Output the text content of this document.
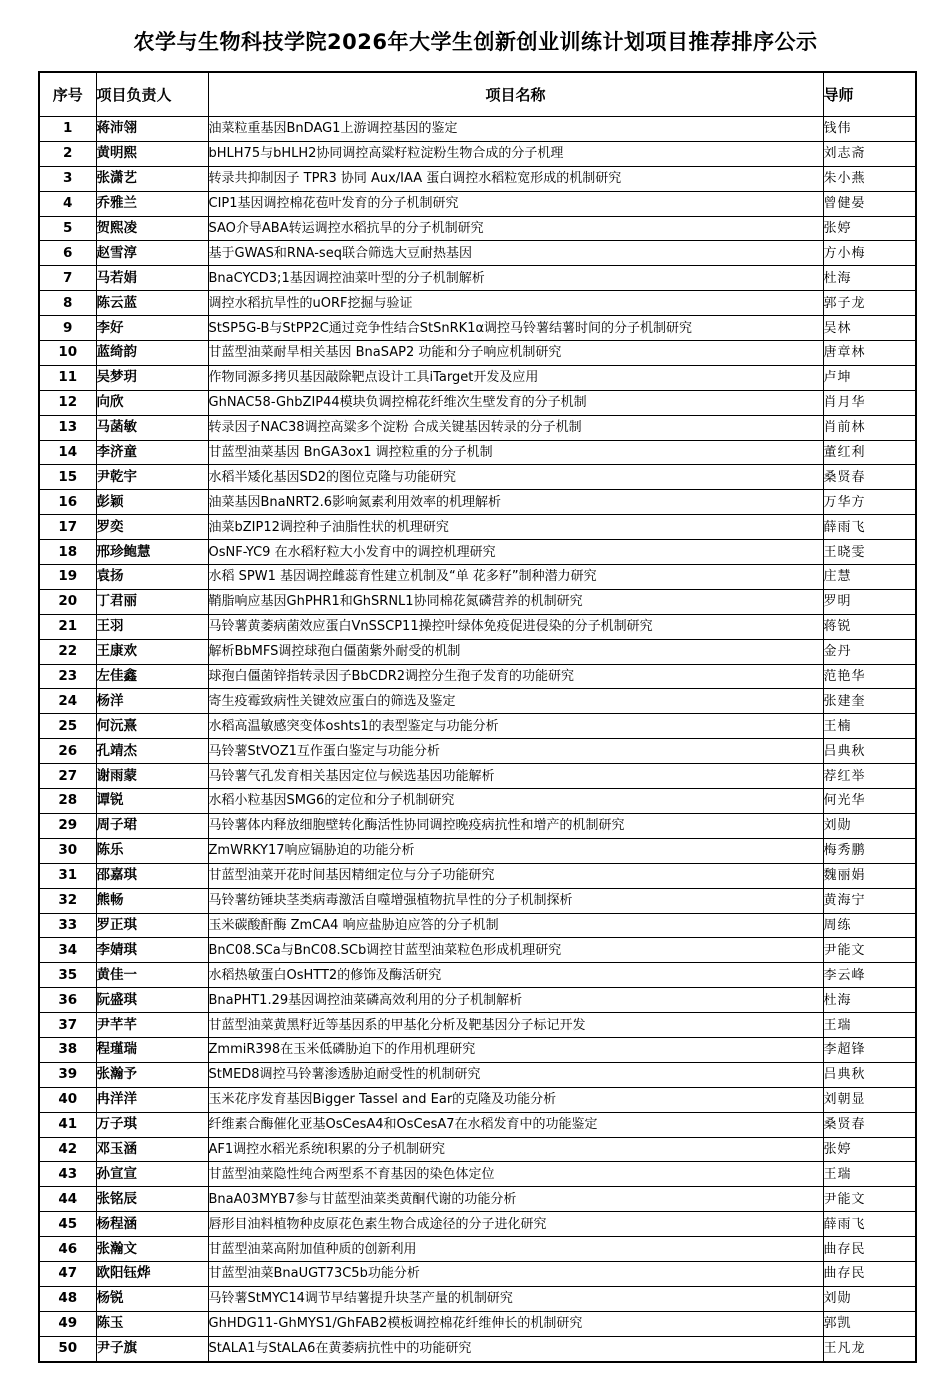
农学与生物科技学院2026年大学生创新创业训练计划项目推荐排序公示
序号	项目负责人	项目名称	导师
1	蒋沛翎	油菜粒重基因BnDAG1上游调控基因的鉴定	钱伟
2	黄明熙	bHLH75与bHLH2协同调控高粱籽粒淀粉生物合成的分子机理	刘志斋
3	张潇艺	转录共抑制因子 TPR3 协同 Aux/IAA 蛋白调控水稻粒宽形成的机制研究	朱小燕
4	乔雅兰	CIP1基因调控棉花苞叶发育的分子机制研究	曾健晏
5	贺熙凌	SAO介导ABA转运调控水稻抗旱的分子机制研究	张婷
6	赵雪淳	基于GWAS和RNA-seq联合筛选大豆耐热基因	方小梅
7	马若娟	BnaCYCD3;1基因调控油菜叶型的分子机制解析	杜海
8	陈云蓝	调控水稻抗旱性的uORF挖掘与验证	郭子龙
9	李好	StSP5G-B与StPP2C通过竞争性结合StSnRK1α调控马铃薯结薯时间的分子机制研究	吴林
10	蓝绮韵	甘蓝型油菜耐旱相关基因 BnaSAP2 功能和分子响应机制研究	唐章林
11	吴梦玥	作物同源多拷贝基因敲除靶点设计工具iTarget开发及应用	卢坤
12	向欣	GhNAC58-GhbZIP44模块负调控棉花纤维次生壁发育的分子机制	肖月华
13	马菡敏	转录因子NAC38调控高粱多个淀粉 合成关键基因转录的分子机制	肖前林
14	李济童	甘蓝型油菜基因 BnGA3ox1 调控粒重的分子机制	董红利
15	尹乾宇	水稻半矮化基因SD2的图位克隆与功能研究	桑贤春
16	彭颖	油菜基因BnaNRT2.6影响氮素利用效率的机理解析	万华方
17	罗奕	油菜bZIP12调控种子油脂性状的机理研究	薛雨飞
18	邢珍鲍慧	OsNF-YC9 在水稻籽粒大小发育中的调控机理研究	王晓雯
19	袁扬	水稻 SPW1 基因调控雌蕊育性建立机制及“单 花多籽”制种潜力研究	庄慧
20	丁君丽	鞘脂响应基因GhPHR1和GhSRNL1协同棉花氮磷营养的机制研究	罗明
21	王羽	马铃薯黄萎病菌效应蛋白VnSSCP11操控叶绿体免疫促进侵染的分子机制研究	蒋锐
22	王康欢	解析BbMFS调控球孢白僵菌紫外耐受的机制	金丹
23	左佳鑫	球孢白僵菌锌指转录因子BbCDR2调控分生孢子发育的功能研究	范艳华
24	杨洋	寄生疫霉致病性关键效应蛋白的筛选及鉴定	张建奎
25	何沅熹	水稻高温敏感突变体oshts1的表型鉴定与功能分析	王楠
26	孔靖杰	马铃薯StVOZ1互作蛋白鉴定与功能分析	吕典秋
27	谢雨蒙	马铃薯气孔发育相关基因定位与候选基因功能解析	荐红举
28	谭锐	水稻小粒基因SMG6的定位和分子机制研究	何光华
29	周子珺	马铃薯体内释放细胞壁转化酶活性协同调控晚疫病抗性和增产的机制研究	刘勋
30	陈乐	ZmWRKY17响应镉胁迫的功能分析	梅秀鹏
31	邵嘉琪	甘蓝型油菜开花时间基因精细定位与分子功能研究	魏丽娟
32	熊畅	马铃薯纺锤块茎类病毒激活自噬增强植物抗旱性的分子机制探析	黄海宁
33	罗正琪	玉米碳酸酐酶 ZmCA4 响应盐胁迫应答的分子机制	周练
34	李婧琪	BnC08.SCa与BnC08.SCb调控甘蓝型油菜粒色形成机理研究	尹能文
35	黄佳一	水稻热敏蛋白OsHTT2的修饰及酶活研究	李云峰
36	阮盛琪	BnaPHT1.29基因调控油菜磷高效利用的分子机制解析	杜海
37	尹芊芊	甘蓝型油菜黄黑籽近等基因系的甲基化分析及靶基因分子标记开发	王瑞
38	程瑾瑞	ZmmiR398在玉米低磷胁迫下的作用机理研究	李超锋
39	张瀚予	StMED8调控马铃薯渗透胁迫耐受性的机制研究	吕典秋
40	冉洋洋	玉米花序发育基因Bigger Tassel and Ear的克隆及功能分析	刘朝显
41	万子琪	纤维素合酶催化亚基OsCesA4和OsCesA7在水稻发育中的功能鉴定	桑贤春
42	邓玉涵	AF1调控水稻光系统I积累的分子机制研究	张婷
43	孙宣宣	甘蓝型油菜隐性纯合两型系不育基因的染色体定位	王瑞
44	张铭辰	BnaA03MYB7参与甘蓝型油菜类黄酮代谢的功能分析	尹能文
45	杨程涵	唇形目油料植物种皮原花色素生物合成途径的分子进化研究	薛雨飞
46	张瀚文	甘蓝型油菜高附加值种质的创新利用	曲存民
47	欧阳钰烨	甘蓝型油菜BnaUGT73C5b功能分析	曲存民
48	杨锐	马铃薯StMYC14调节早结薯提升块茎产量的机制研究	刘勋
49	陈玉	GhHDG11-GhMYS1/GhFAB2模板调控棉花纤维伸长的机制研究	郭凯
50	尹子旗	StALA1与StALA6在黄萎病抗性中的功能研究	王凡龙
